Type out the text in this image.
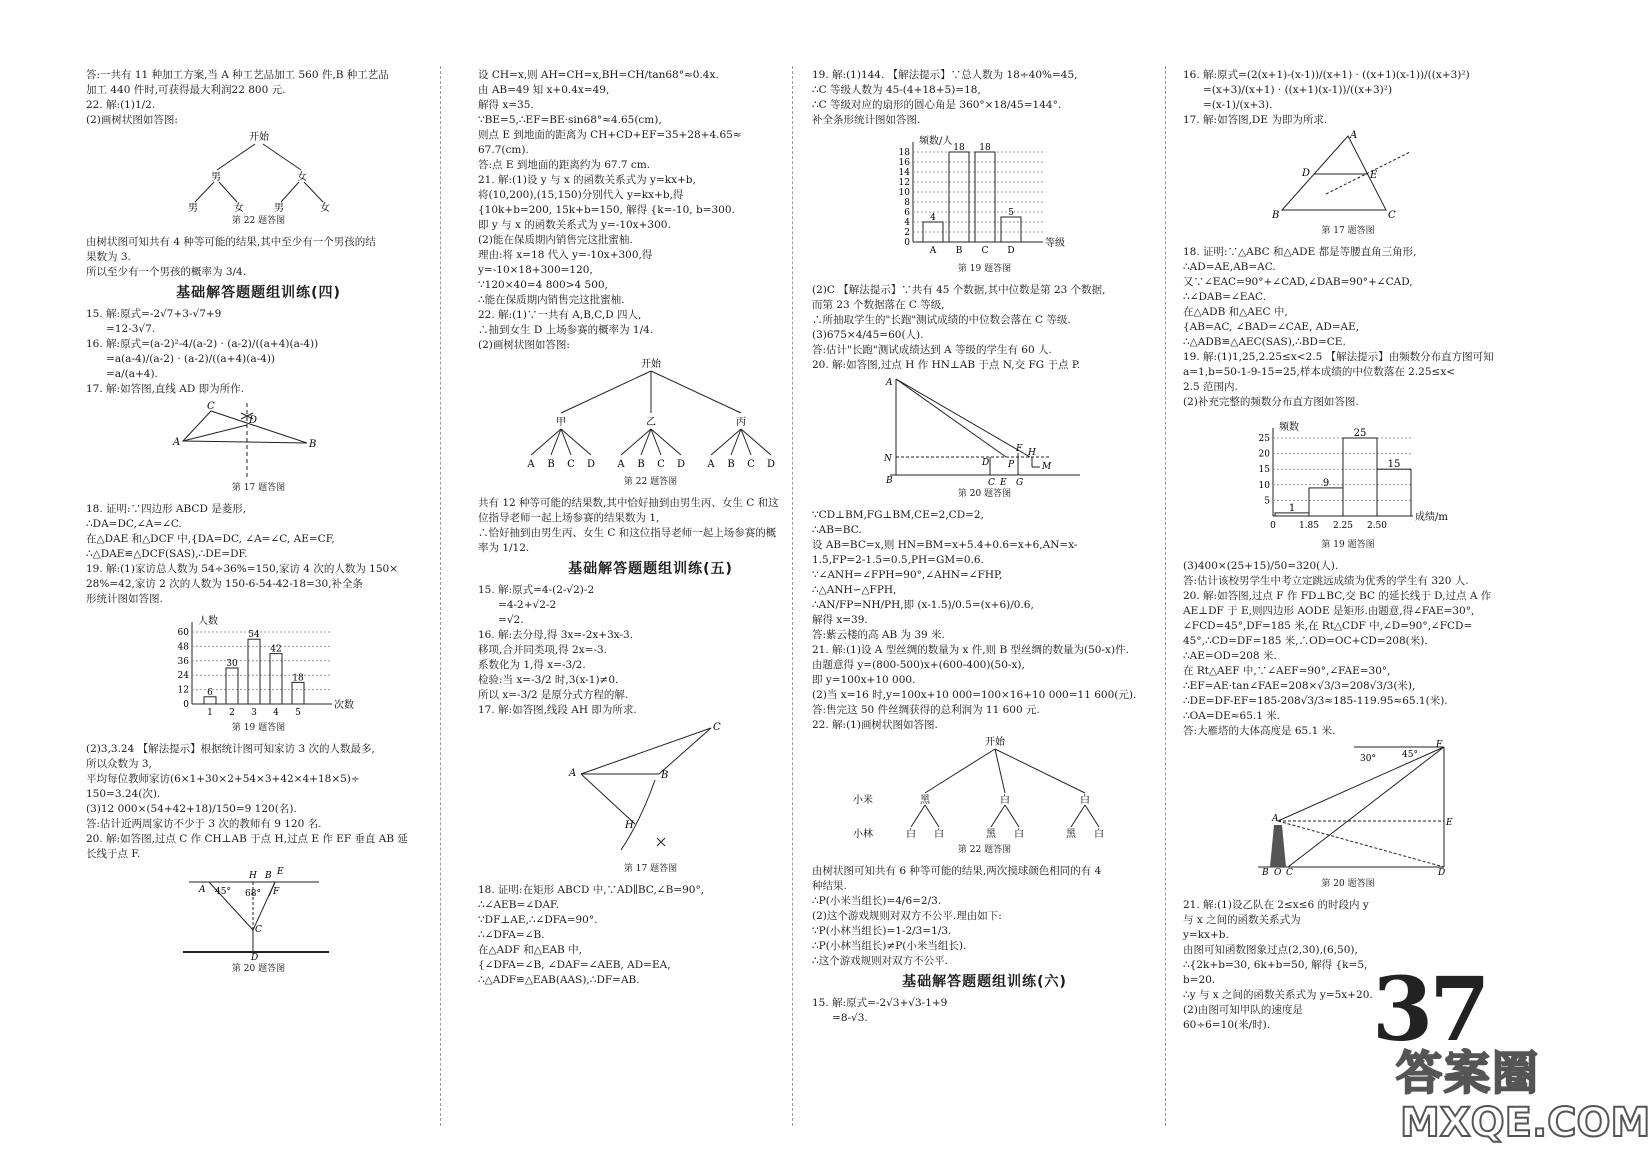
答:一共有 11 种加工方案,当 A 种工艺品加工 560 件,B 种工艺品
加工 440 件时,可获得最大利润22 800 元.

22. 解:(1)1/2.
(2)画树状图如答图:

开始
男	女
男	女	男	女

第 22 题答图

由树状图可知共有 4 种等可能的结果,其中至少有一个男孩的结
果数为 3.
所以至少有一个男孩的概率为 3/4.

基础解答题题组训练(四)

15. 解:原式=-2√7+3-√7+9
=12-3√7.
16. 解:原式=(a-2)²-4/(a-2) · (a-2)/((a+4)(a-4))
=a(a-4)/(a-2) · (a-2)/((a+4)(a-4))
=a/(a+4).
17. 解:如答图,直线 AD 即为所作.

C
D
A	B

第 17 题答图

18. 证明:∵四边形 ABCD 是菱形,
∴DA=DC,∠A=∠C.
在△DAE 和△DCF 中,{DA=DC, ∠A=∠C, AE=CF,
∴△DAE≌△DCF(SAS),∴DE=DF.
19. 解:(1)家访总人数为 54÷36%=150,家访 4 次的人数为 150×
28%=42,家访 2 次的人数为 150-6-54-42-18=30,补全条
形统计图如答图.

人数
次数
0
12
24
36
48
60
6
1
30
2
54
3
42
4
18
5

第 19 题答图

(2)3,3.24 【解法提示】根据统计图可知家访 3 次的人数最多,
所以众数为 3,
平均每位教师家访(6×1+30×2+54×3+42×4+18×5)÷
150=3.24(次).
(3)12 000×(54+42+18)/150=9 120(名).
答:估计近两周家访不少于 3 次的教师有 9 120 名.
20. 解:如答图,过点 C 作 CH⊥AB 于点 H,过点 E 作 EF 垂直 AB 延
长线于点 F.

H B E
F
A 45° 68°
C
D

第 20 题答图

设 CH=x,则 AH=CH=x,BH=CH/tan68°≈0.4x.
由 AB=49 知 x+0.4x=49,
解得 x=35.
∵BE=5,∴EF=BE·sin68°≈4.65(cm),
则点 E 到地面的距离为 CH+CD+EF=35+28+4.65≈
67.7(cm).
答:点 E 到地面的距离约为 67.7 cm.
21. 解:(1)设 y 与 x 的函数关系式为 y=kx+b,
将(10,200),(15,150)分别代入 y=kx+b,得
{10k+b=200, 15k+b=150, 解得 {k=-10, b=300.
即 y 与 x 的函数关系式为 y=-10x+300.
(2)能在保质期内销售完这批蜜柚.
理由:将 x=18 代入 y=-10x+300,得
y=-10×18+300=120,
∵120×40=4 800>4 500,
∴能在保质期内销售完这批蜜柚.
22. 解:(1)∵一共有 A,B,C,D 四人,
∴抽到女生 D 上场参赛的概率为 1/4.
(2)画树状图如答图:

开始
A B C D A B C D A B C D
甲	乙	丙

第 22 题答图

共有 12 种等可能的结果数,其中恰好抽到由男生丙、女生 C 和这
位指导老师一起上场参赛的结果数为 1,
∴恰好抽到由男生丙、女生 C 和这位指导老师一起上场参赛的概
率为 1/12.

基础解答题题组训练(五)

15. 解:原式=4-(2-√2)-2
=4-2+√2-2
=√2.
16. 解:去分母,得 3x=-2x+3x-3.
移项,合并同类项,得 2x=-3.
系数化为 1,得 x=-3/2.
检验:当 x=-3/2 时,3(x-1)≠0.
所以 x=-3/2 是原分式方程的解.
17. 解:如答图,线段 AH 即为所求.

C
A	B
H

第 17 题答图

18. 证明:在矩形 ABCD 中,∵AD∥BC,∠B=90°,
∴∠AEB=∠DAF.
∵DF⊥AE,∴∠DFA=90°.
∴∠DFA=∠B.
在△ADF 和△EAB 中,
{∠DFA=∠B, ∠DAF=∠AEB, AD=EA,
∴△ADF≌△EAB(AAS),∴DF=AB.

19. 解:(1)144. 【解法提示】∵总人数为 18÷40%=45,
∴C 等级人数为 45-(4+18+5)=18,
∴C 等级对应的扇形的圆心角是 360°×18/45=144°.
补全条形统计图如答图.

频数/人
等级
0
2
4
6
8
10
12
14
16
18
4
A
18
B
18
C
5
D

第 19 题答图

(2)C 【解法提示】∵共有 45 个数据,其中位数是第 23 个数据,
而第 23 个数据落在 C 等级,
∴所抽取学生的"长跑"测试成绩的中位数会落在 C 等级.
(3)675×4/45=60(人).
答:估计"长跑"测试成绩达到 A 等级的学生有 60 人.
20. 解:如答图,过点 H 作 HN⊥AB 于点 N,交 FG 于点 P.

A
N
B	C E G
F H
P	M
D

第 20 题答图

∵CD⊥BM,FG⊥BM,CE=2,CD=2,
∴AB=BC.
设 AB=BC=x,则 HN=BM=x+5.4+0.6=x+6,AN=x-
1.5,FP=2-1.5=0.5,PH=GM=0.6.
∵∠ANH=∠FPH=90°,∠AHN=∠FHP,
∴△ANH∽△FPH,
∴AN/FP=NH/PH,即 (x-1.5)/0.5=(x+6)/0.6,
解得 x=39.
答:紫云楼的高 AB 为 39 米.
21. 解:(1)设 A 型丝绸的数量为 x 件,则 B 型丝绸的数量为(50-x)件.
由题意得 y=(800-500)x+(600-400)(50-x),
即 y=100x+10 000.
(2)当 x=16 时,y=100x+10 000=100×16+10 000=11 600(元).
答:售完这 50 件丝绸获得的总利润为 11 600 元.
22. 解:(1)画树状图如答图.

开始
小米	黑	白	白
小林	白 白	黑 白	黑 白

第 22 题答图

由树状图可知共有 6 种等可能的结果,两次摸球颜色相同的有 4
种结果.
∴P(小米当组长)=4/6=2/3.
(2)这个游戏规则对双方不公平.理由如下:
∵P(小林当组长)=1-2/3=1/3.
∴P(小林当组长)≠P(小米当组长).
∴这个游戏规则对双方不公平.

基础解答题题组训练(六)

15. 解:原式=-2√3+√3-1+9
=8-√3.

16. 解:原式=(2(x+1)-(x-1))/(x+1) · ((x+1)(x-1))/((x+3)²)
=(x+3)/(x+1) · ((x+1)(x-1))/((x+3)²)
=(x-1)/(x+3).
17. 解:如答图,DE 为即为所求.

A
D	E
B	C

第 17 题答图

18. 证明:∵△ABC 和△ADE 都是等腰直角三角形,
∴AD=AE,AB=AC.
又∵∠EAC=90°+∠CAD,∠DAB=90°+∠CAD,
∴∠DAB=∠EAC.
在△ADB 和△AEC 中,
{AB=AC, ∠BAD=∠CAE, AD=AE,
∴△ADB≌△AEC(SAS),∴BD=CE.
19. 解:(1)1,25,2.25≤x<2.5 【解法提示】由频数分布直方图可知
a=1,b=50-1-9-15=25,样本成绩的中位数落在 2.25≤x<
2.5 范围内.
(2)补充完整的频数分布直方图如答图.

频数
成绩/m
5
10
15
20
25
1
9
25
15
0	1.85 2.25 2.50

第 19 题答图

(3)400×(25+15)/50=320(人).
答:估计该校男学生中考立定跳远成绩为优秀的学生有 320 人.
20. 解:如答图,过点 F 作 FD⊥BC,交 BC 的延长线于 D,过点 A 作
AE⊥DF 于 E,则四边形 AODE 是矩形.由题意,得∠FAE=30°,
∠FCD=45°,DF=185 米,在 Rt△CDF 中,∠D=90°,∠FCD=
45°,∴CD=DF=185 米,∴OD=OC+CD=208(米).
∴AE=OD=208 米.
在 Rt△AEF 中,∵∠AEF=90°,∠FAE=30°,
∴EF=AE·tan∠FAE=208×√3/3=208√3/3(米),
∴DE=DF-EF=185-208√3/3≈185-119.95≈65.1(米).
∴OA=DE≈65.1 米.
答:大雁塔的大体高度是 65.1 米.

F
30°	45°
A	E
B O C	D

第 20 题答图

21. 解:(1)设乙队在 2≤x≤6 的时段内 y 与 x 之间的函数关系式为
y=kx+b.
由图可知函数图象过点(2,30),(6,50),
∴{2k+b=30, 6k+b=50, 解得 {k=5, b=20.
∴y 与 x 之间的函数关系式为 y=5x+20.
(2)由图可知甲队的速度是 60÷6=10(米/时).	37
答案圈
MXQE.COM
